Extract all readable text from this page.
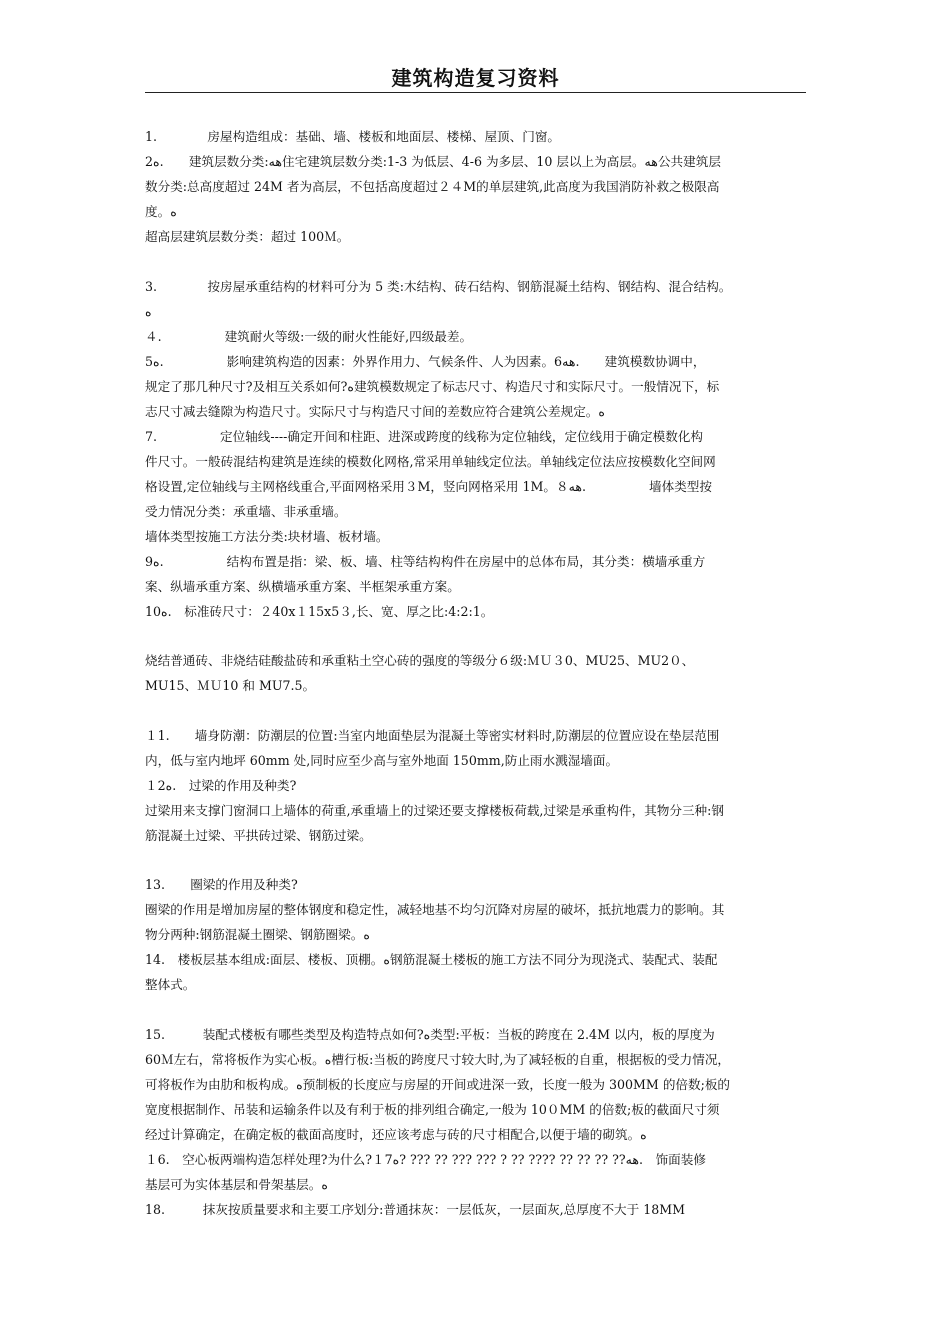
建筑构造复习资料
1.　　　　房屋构造组成：基础、墙、楼板和地面层、楼梯、屋顶、门窗。
2ه.　　建筑层数分类:هه住宅建筑层数分类:1-3 为低层、4-6 为多层、10 层以上为高层。هه公共建筑层
数分类:总高度超过 24M 者为高层，不包括高度超过２４M的单层建筑,此高度为我国消防补救之极限高
度。ه
超高层建筑层数分类：超过 100Ｍ。
3.　　　　按房屋承重结构的材料可分为 5 类:木结构、砖石结构、钢筋混凝土结构、钢结构、混合结构。
ه
４.　　　　　建筑耐火等级:一级的耐火性能好,四级最差。
5ه.　　　　　影响建筑构造的因素：外界作用力、气候条件、人为因素。6هه.　　建筑模数协调中，
规定了那几种尺寸?及相互关系如何?ه建筑模数规定了标志尺寸、构造尺寸和实际尺寸。一般情况下，标
志尺寸减去缝隙为构造尺寸。实际尺寸与构造尺寸间的差数应符合建筑公差规定。ه
7.　　　　　定位轴线----确定开间和柱距、进深或跨度的线称为定位轴线，定位线用于确定模数化构
件尺寸。一般砖混结构建筑是连续的模数化网格,常采用单轴线定位法。单轴线定位法应按模数化空间网
格设置,定位轴线与主网格线重合,平面网格采用３M，竖向网格采用 1M。８هه.　　　　　墙体类型按
受力情况分类：承重墙、非承重墙。
墙体类型按施工方法分类:块材墙、板材墙。
9ه.　　　　　结构布置是指：梁、板、墙、柱等结构构件在房屋中的总体布局，其分类：横墙承重方
案、纵墙承重方案、纵横墙承重方案、半框架承重方案。
10ه.　标准砖尺寸：２40x１15x5３,长、宽、厚之比:4:2:1。
烧结普通砖、非烧结硅酸盐砖和承重粘土空心砖的强度的等级分６级:ＭＵ３0、MU25、MU2０、
MU15、ＭＵ10 和 MU7.5。
１1.　　墙身防潮：防潮层的位置:当室内地面垫层为混凝土等密实材料时,防潮层的位置应设在垫层范围
内，低与室内地坪 60mm 处,同时应至少高与室外地面 150mm,防止雨水溅湿墙面。
１2ه.　过梁的作用及种类?
过梁用来支撑门窗洞口上墙体的荷重,承重墙上的过梁还要支撑楼板荷载,过梁是承重构件，其物分三种:钢
筋混凝土过梁、平拱砖过梁、钢筋过梁。
13.　　圈梁的作用及种类?
圈梁的作用是增加房屋的整体钢度和稳定性，减轻地基不均匀沉降对房屋的破坏，抵抗地震力的影响。其
物分两种:钢筋混凝土圈梁、钢筋圈梁。ه
14.　楼板层基本组成:面层、楼板、顶棚。ه钢筋混凝土楼板的施工方法不同分为现浇式、装配式、装配
整体式。
15.　　　装配式楼板有哪些类型及构造特点如何?ه类型:平板：当板的跨度在 2.4M 以内，板的厚度为
60Ｍ左右，常将板作为实心板。ه槽行板:当板的跨度尺寸较大时,为了减轻板的自重，根据板的受力情况，
可将板作为由肋和板构成。ه预制板的长度应与房屋的开间或进深一致，长度一般为 300MM 的倍数;板的
宽度根据制作、吊装和运输条件以及有利于板的排列组合确定,一般为 10０MM 的倍数;板的截面尺寸须
经过计算确定，在确定板的截面高度时，还应该考虑与砖的尺寸相配合,以便于墙的砌筑。ه
１6.　空心板两端构造怎样处理?为什么?１7هه?? ?? ?? ?? ???? ?? ? ??? ??? ?? ??? ?ه.　饰面装修
基层可为实体基层和骨架基层。ه
18.　　　抹灰按质量要求和主要工序划分:普通抹灰：一层低灰，一层面灰,总厚度不大于 18MM
